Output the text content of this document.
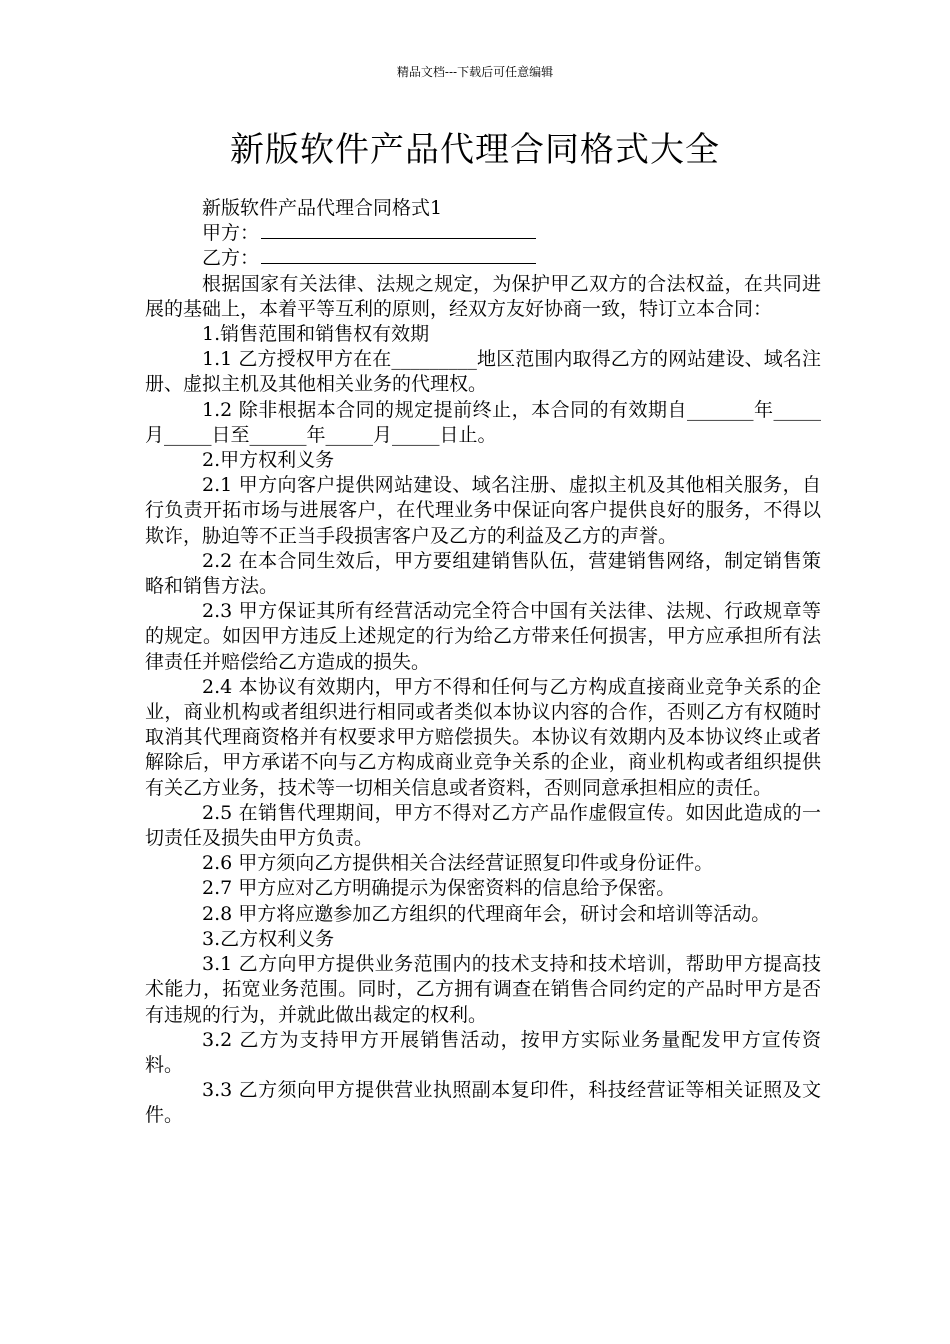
精品文档---下载后可任意编辑
新版软件产品代理合同格式大全

新版软件产品代理合同格式1

甲方：

乙方：

根据国家有关法律、法规之规定，为保护甲乙双方的合法权益，在共同进展的基础上，本着平等互利的原则，经双方友好协商一致，特订立本合同：

1.销售范围和销售权有效期

1.1 乙方授权甲方在在_________地区范围内取得乙方的网站建设、域名注册、虚拟主机及其他相关业务的代理权。

1.2 除非根据本合同的规定提前终止，本合同的有效期自_______年_____月_____日至______年_____月_____日止。

2.甲方权利义务

2.1 甲方向客户提供网站建设、域名注册、虚拟主机及其他相关服务，自行负责开拓市场与进展客户，在代理业务中保证向客户提供良好的服务，不得以欺诈，胁迫等不正当手段损害客户及乙方的利益及乙方的声誉。

2.2 在本合同生效后，甲方要组建销售队伍，营建销售网络，制定销售策略和销售方法。

2.3 甲方保证其所有经营活动完全符合中国有关法律、法规、行政规章等的规定。如因甲方违反上述规定的行为给乙方带来任何损害，甲方应承担所有法律责任并赔偿给乙方造成的损失。

2.4 本协议有效期内，甲方不得和任何与乙方构成直接商业竞争关系的企业，商业机构或者组织进行相同或者类似本协议内容的合作，否则乙方有权随时取消其代理商资格并有权要求甲方赔偿损失。本协议有效期内及本协议终止或者解除后，甲方承诺不向与乙方构成商业竞争关系的企业，商业机构或者组织提供有关乙方业务，技术等一切相关信息或者资料，否则同意承担相应的责任。

2.5 在销售代理期间，甲方不得对乙方产品作虚假宣传。如因此造成的一切责任及损失由甲方负责。

2.6 甲方须向乙方提供相关合法经营证照复印件或身份证件。

2.7 甲方应对乙方明确提示为保密资料的信息给予保密。

2.8 甲方将应邀参加乙方组织的代理商年会，研讨会和培训等活动。

3.乙方权利义务

3.1 乙方向甲方提供业务范围内的技术支持和技术培训，帮助甲方提高技术能力，拓宽业务范围。同时，乙方拥有调查在销售合同约定的产品时甲方是否有违规的行为，并就此做出裁定的权利。

3.2 乙方为支持甲方开展销售活动，按甲方实际业务量配发甲方宣传资料。

3.3 乙方须向甲方提供营业执照副本复印件，科技经营证等相关证照及文件。
